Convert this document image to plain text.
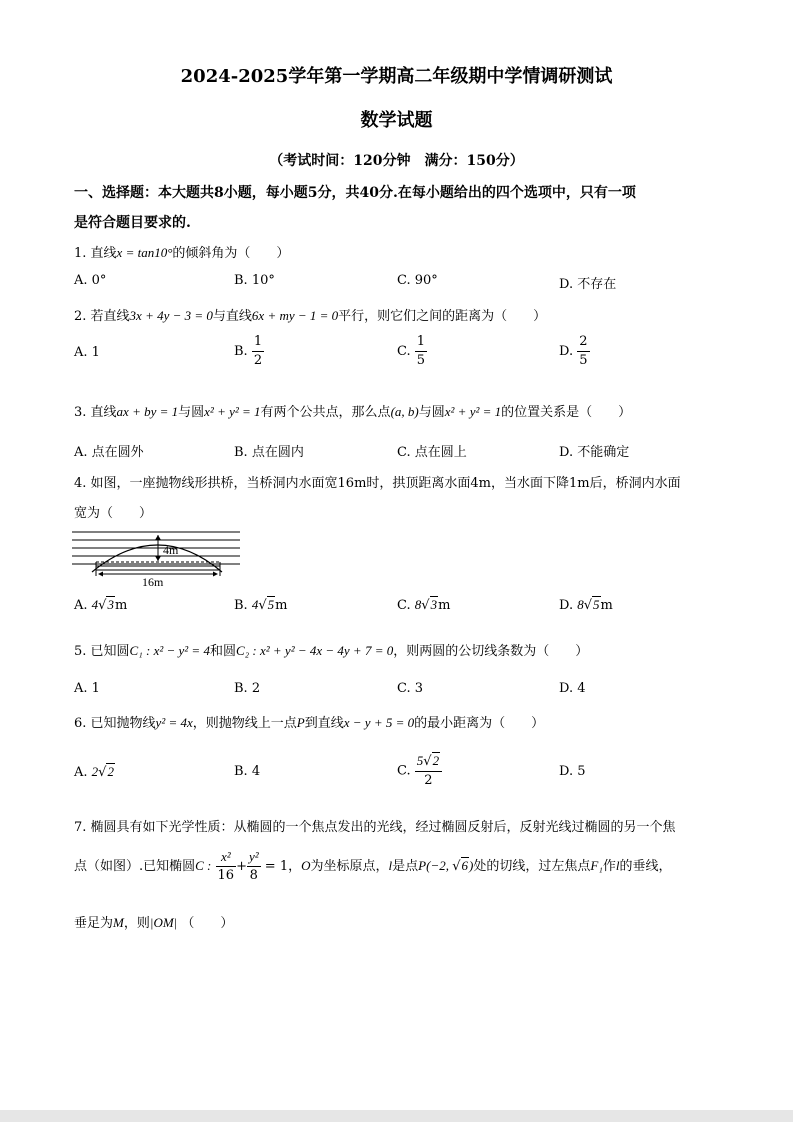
2024-2025学年第一学期高二年级期中学情调研测试
数学试题
（考试时间：120分钟　满分：150分）
一、选择题：本大题共8小题，每小题5分，共40分.在每小题给出的四个选项中，只有一项
是符合题目要求的.
1. 直线x = tan10°的倾斜角为（　　）
A. 0°	B. 10°	C. 90°	D. 不存在
2. 若直线3x + 4y − 3 = 0与直线6x + my − 1 = 0平行，则它们之间的距离为（　　）
A. 1	B. $\frac{1}{2}$	C. $\frac{1}{5}$	D. $\frac{2}{5}$
3. 直线ax + by = 1与圆x² + y² = 1有两个公共点，那么点(a, b)与圆x² + y² = 1的位置关系是（　　）
A. 点在圆外	B. 点在圆内	C. 点在圆上	D. 不能确定
4. 如图，一座抛物线形拱桥，当桥洞内水面宽16m时，拱顶距离水面4m，当水面下降1m后，桥洞内水面
宽为（　　）
4m
16m
A. 4√3m	B. 4√5m	C. 8√3m	D. 8√5m
5. 已知圆C₁ : x² − y² = 4和圆C₂ : x² + y² − 4x − 4y + 7 = 0，则两圆的公切线条数为（　　）
A. 1	B. 2	C. 3	D. 4
6. 已知抛物线y² = 4x，则抛物线上一点P到直线x − y + 5 = 0的最小距离为（　　）
A. 2√2	B. 4	C. $\frac{5√2}{2}$	D. 5
7. 椭圆具有如下光学性质：从椭圆的一个焦点发出的光线，经过椭圆反射后，反射光线过椭圆的另一个焦
点（如图）.已知椭圆C : $\frac{\text{x²}}{16} + \frac{\text{y²}}{8} = 1$，O为坐标原点，l是点P(−2, √6)处的切线，过左焦点F₁作l的垂线，
垂足为M，则|OM| （　　）
